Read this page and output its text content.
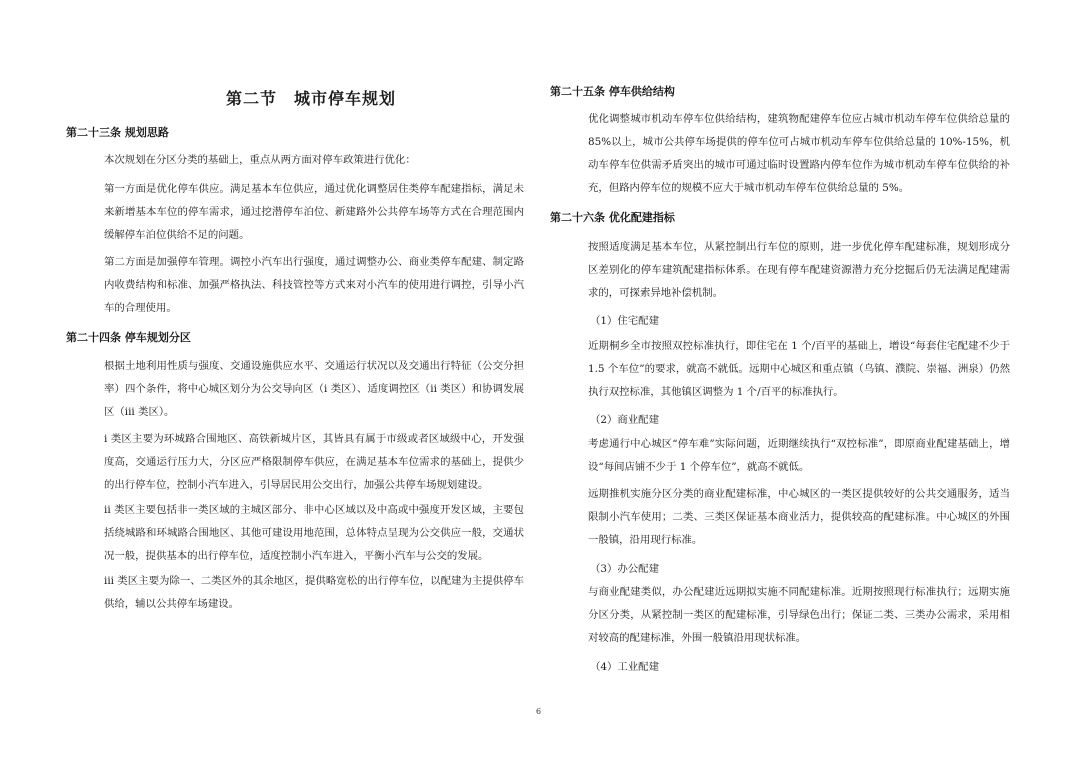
第二节　城市停车规划
第二十三条 规划思路

本次规划在分区分类的基础上，重点从两方面对停车政策进行优化：

第一方面是优化停车供应。满足基本车位供应，通过优化调整居住类停车配建指标，满足未来新增基本车位的停车需求，通过挖潜停车泊位、新建路外公共停车场等方式在合理范围内缓解停车泊位供给不足的问题。

第二方面是加强停车管理。调控小汽车出行强度，通过调整办公、商业类停车配建、制定路内收费结构和标准、加强严格执法、科技管控等方式来对小汽车的使用进行调控，引导小汽车的合理使用。

第二十四条 停车规划分区

根据土地利用性质与强度、交通设施供应水平、交通运行状况以及交通出行特征（公交分担率）四个条件，将中心城区划分为公交导向区（i 类区）、适度调控区（ii 类区）和协调发展区（iii 类区）。

i 类区主要为环城路合围地区、高铁新城片区，其皆具有属于市级或者区域级中心，开发强度高，交通运行压力大，分区应严格限制停车供应，在满足基本车位需求的基础上，提供少的出行停车位，控制小汽车进入，引导居民用公交出行，加强公共停车场规划建设。

ii 类区主要包括非一类区域的主城区部分、非中心区域以及中高或中强度开发区域，主要包括绕城路和环城路合围地区、其他可建设用地范围，总体特点呈现为公交供应一般，交通状况一般，提供基本的出行停车位，适度控制小汽车进入，平衡小汽车与公交的发展。

iii 类区主要为除一、二类区外的其余地区，提供略宽松的出行停车位，以配建为主提供停车供给，辅以公共停车场建设。

第二十五条 停车供给结构

优化调整城市机动车停车位供给结构，建筑物配建停车位应占城市机动车停车位供给总量的 85%以上，城市公共停车场提供的停车位可占城市机动车停车位供给总量的 10%-15%，机动车停车位供需矛盾突出的城市可通过临时设置路内停车位作为城市机动车停车位供给的补充，但路内停车位的规模不应大于城市机动车停车位供给总量的 5%。

第二十六条 优化配建指标

按照适度满足基本车位，从紧控制出行车位的原则，进一步优化停车配建标准，规划形成分区差别化的停车建筑配建指标体系。在现有停车配建资源潜力充分挖掘后仍无法满足配建需求的，可探索异地补偿机制。

（1）住宅配建

近期桐乡全市按照双控标准执行，即住宅在 1 个/百平的基础上，增设“每套住宅配建不少于 1.5 个车位”的要求，就高不就低。远期中心城区和重点镇（乌镇、濮院、崇福、洲泉）仍然执行双控标准，其他镇区调整为 1 个/百平的标准执行。

（2）商业配建

考虑通行中心城区“停车难”实际问题，近期继续执行“双控标准”，即原商业配建基础上，增设“每间店铺不少于 1 个停车位”，就高不就低。

远期推机实施分区分类的商业配建标准，中心城区的一类区提供较好的公共交通服务，适当限制小汽车使用；二类、三类区保证基本商业活力，提供较高的配建标准。中心城区的外围一般镇，沿用现行标准。

（3）办公配建

与商业配建类似，办公配建近远期拟实施不同配建标准。近期按照现行标准执行；远期实施分区分类，从紧控制一类区的配建标准，引导绿色出行；保证二类、三类办公需求，采用相对较高的配建标准，外围一般镇沿用现状标准。

（4）工业配建
6
